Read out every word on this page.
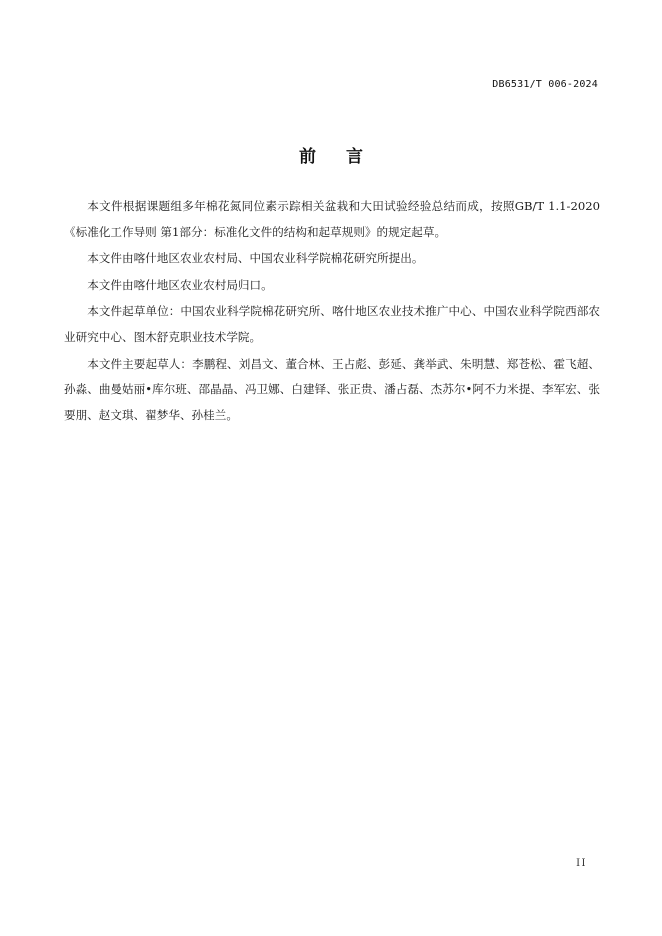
DB6531/T 006-2024
前言

本文件根据课题组多年棉花氮同位素示踪相关盆栽和大田试验经验总结而成，按照GB/T 1.1-2020《标准化工作导则 第1部分：标准化文件的结构和起草规则》的规定起草。

本文件由喀什地区农业农村局、中国农业科学院棉花研究所提出。

本文件由喀什地区农业农村局归口。

本文件起草单位：中国农业科学院棉花研究所、喀什地区农业技术推广中心、中国农业科学院西部农业研究中心、图木舒克职业技术学院。

本文件主要起草人：李鹏程、刘昌文、董合林、王占彪、彭延、龚举武、朱明慧、郑苍松、霍飞超、孙淼、曲曼姑丽•库尔班、邵晶晶、冯卫娜、白建铎、张正贵、潘占磊、杰苏尔•阿不力米提、李军宏、张要朋、赵文琪、翟梦华、孙桂兰。

II
